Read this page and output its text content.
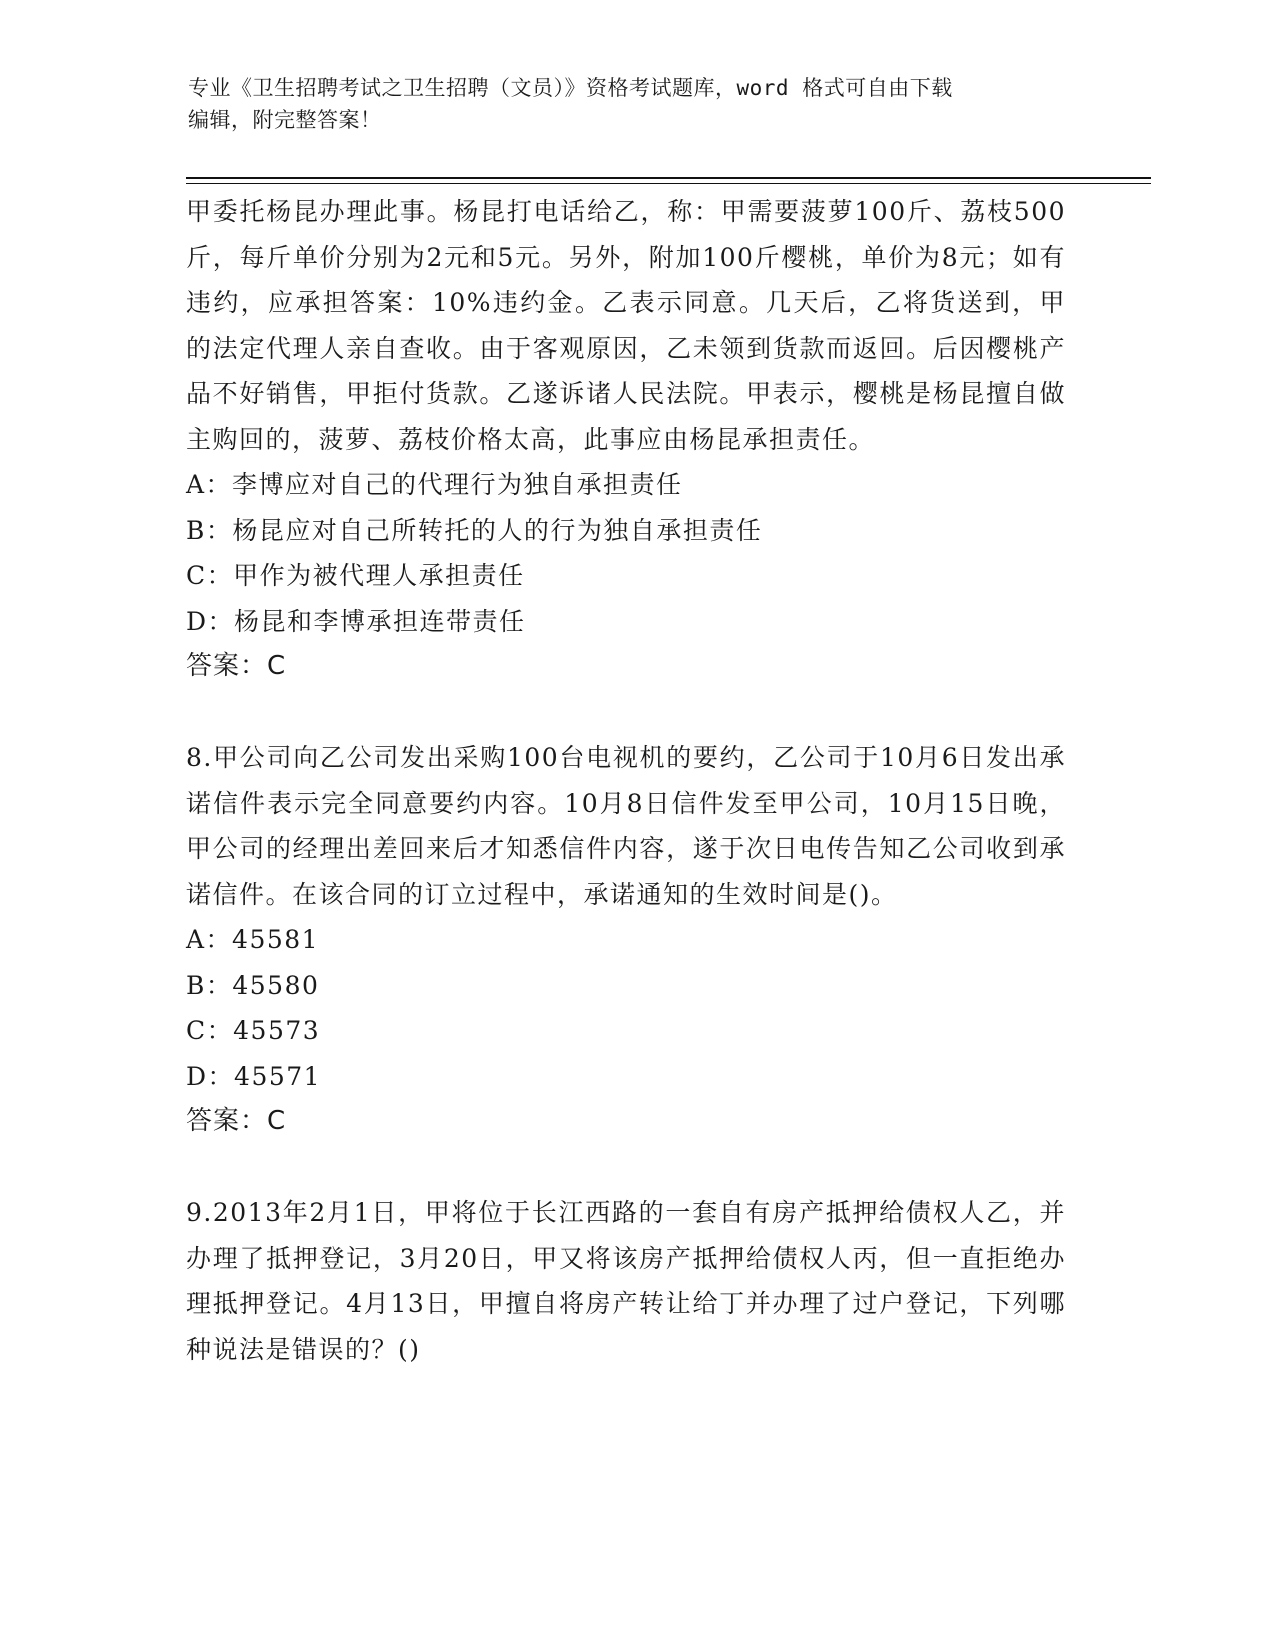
专业《卫生招聘考试之卫生招聘（文员）》资格考试题库，word 格式可自由下载
编辑，附完整答案！

甲委托杨昆办理此事。杨昆打电话给乙，称：甲需要菠萝100斤、荔枝500斤，每斤单价分别为2元和5元。另外，附加100斤樱桃，单价为8元；如有违约，应承担答案：10%违约金。乙表示同意。几天后，乙将货送到，甲的法定代理人亲自查收。由于客观原因，乙未领到货款而返回。后因樱桃产品不好销售，甲拒付货款。乙遂诉诸人民法院。甲表示，樱桃是杨昆擅自做主购回的，菠萝、荔枝价格太高，此事应由杨昆承担责任。

A：李博应对自己的代理行为独自承担责任

B：杨昆应对自己所转托的人的行为独自承担责任

C：甲作为被代理人承担责任

D：杨昆和李博承担连带责任

答案：C

8.甲公司向乙公司发出采购100台电视机的要约，乙公司于10月6日发出承诺信件表示完全同意要约内容。10月8日信件发至甲公司，10月15日晚，甲公司的经理出差回来后才知悉信件内容，遂于次日电传告知乙公司收到承诺信件。在该合同的订立过程中，承诺通知的生效时间是()。

A：45581

B：45580

C：45573

D：45571

答案：C

9.2013年2月1日，甲将位于长江西路的一套自有房产抵押给债权人乙，并办理了抵押登记，3月20日，甲又将该房产抵押给债权人丙，但一直拒绝办理抵押登记。4月13日，甲擅自将房产转让给丁并办理了过户登记，下列哪种说法是错误的？()
